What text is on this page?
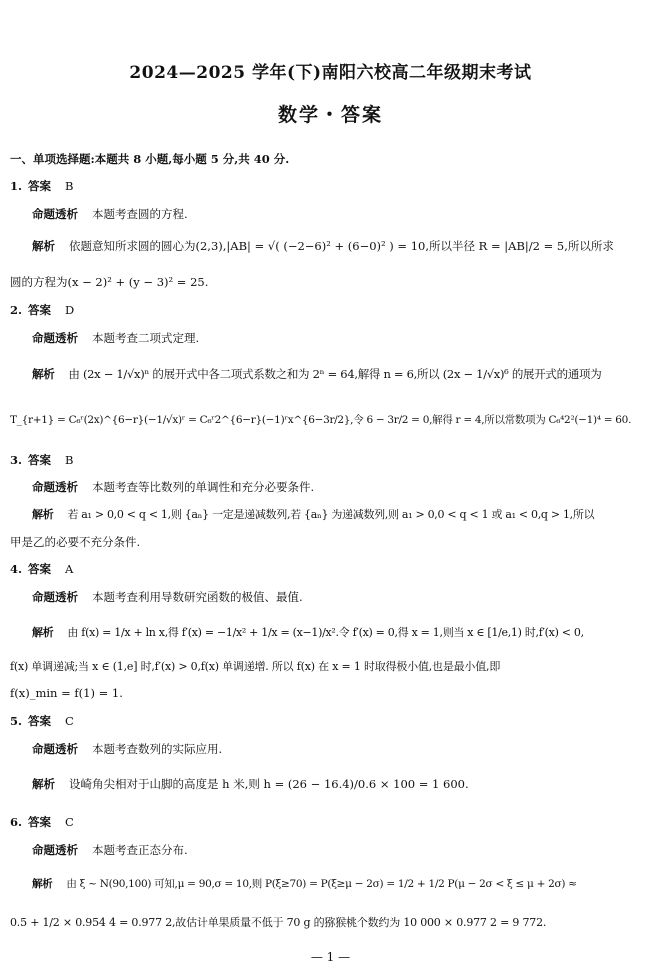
2024—2025 学年(下)南阳六校高二年级期末考试
数学・答案
一、单项选择题:本题共 8 小题,每小题 5 分,共 40 分.
1. 答案 B
命题透析 本题考查圆的方程.
解析 依题意知所求圆的圆心为(2,3),|AB| = √( (−2−6)² + (6−0)² ) = 10,所以半径 R = |AB|/2 = 5,所以所求
圆的方程为(x − 2)² + (y − 3)² = 25.
2. 答案 D
命题透析 本题考查二项式定理.
解析 由 (2x − 1/√x)ⁿ 的展开式中各二项式系数之和为 2ⁿ = 64,解得 n = 6,所以 (2x − 1/√x)⁶ 的展开式的通项为
T_{r+1} = C₆ʳ(2x)^{6−r}(−1/√x)ʳ = C₆ʳ2^{6−r}(−1)ʳx^{6−3r/2},令 6 − 3r/2 = 0,解得 r = 4,所以常数项为 C₆⁴2²(−1)⁴ = 60.
3. 答案 B
命题透析 本题考查等比数列的单调性和充分必要条件.
解析 若 a₁ > 0,0 < q < 1,则 {aₙ} 一定是递减数列,若 {aₙ} 为递减数列,则 a₁ > 0,0 < q < 1 或 a₁ < 0,q > 1,所以
甲是乙的必要不充分条件.
4. 答案 A
命题透析 本题考查利用导数研究函数的极值、最值.
解析 由 f(x) = 1/x + ln x,得 f′(x) = −1/x² + 1/x = (x−1)/x².令 f′(x) = 0,得 x = 1,则当 x ∈ [1/e,1) 时,f′(x) < 0,
f(x) 单调递减;当 x ∈ (1,e] 时,f′(x) > 0,f(x) 单调递增. 所以 f(x) 在 x = 1 时取得极小值,也是最小值,即
f(x)_min = f(1) = 1.
5. 答案 C
命题透析 本题考查数列的实际应用.
解析 设崎角尖相对于山脚的高度是 h 米,则 h = (26 − 16.4)/0.6 × 100 = 1 600.
6. 答案 C
命题透析 本题考查正态分布.
解析 由 ξ ~ N(90,100) 可知,μ = 90,σ = 10,则 P(ξ≥70) = P(ξ≥μ − 2σ) = 1/2 + 1/2 P(μ − 2σ < ξ ≤ μ + 2σ) ≈
0.5 + 1/2 × 0.954 4 = 0.977 2,故估计单果质量不低于 70 g 的猕猴桃个数约为 10 000 × 0.977 2 = 9 772.
— 1 —
